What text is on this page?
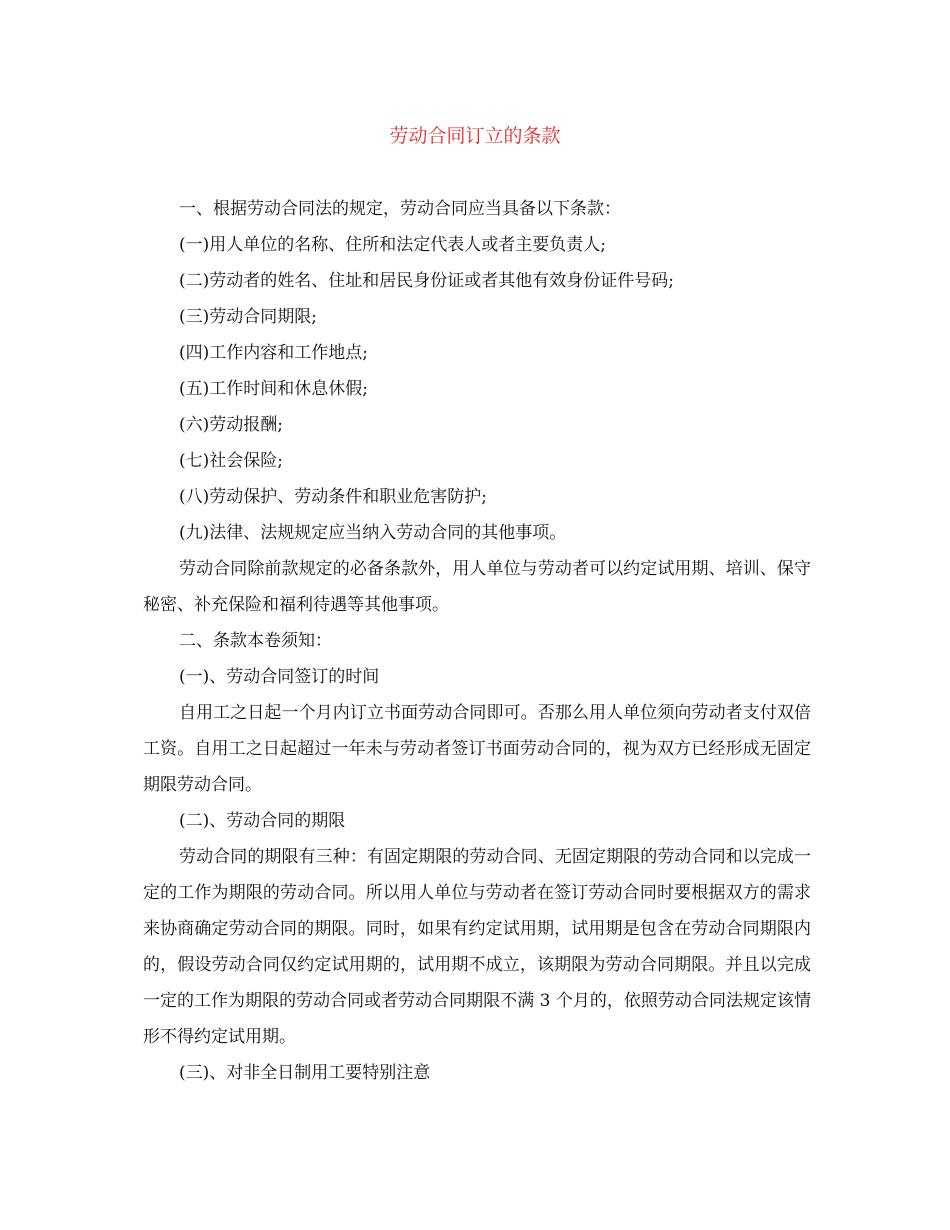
劳动合同订立的条款

一、根据劳动合同法的规定，劳动合同应当具备以下条款：

(一)用人单位的名称、住所和法定代表人或者主要负责人;

(二)劳动者的姓名、住址和居民身份证或者其他有效身份证件号码;

(三)劳动合同期限;

(四)工作内容和工作地点;

(五)工作时间和休息休假;

(六)劳动报酬;

(七)社会保险;

(八)劳动保护、劳动条件和职业危害防护;

(九)法律、法规规定应当纳入劳动合同的其他事项。

劳动合同除前款规定的必备条款外，用人单位与劳动者可以约定试用期、培训、保守秘密、补充保险和福利待遇等其他事项。

二、条款本卷须知：

(一)、劳动合同签订的时间

自用工之日起一个月内订立书面劳动合同即可。否那么用人单位须向劳动者支付双倍工资。自用工之日起超过一年未与劳动者签订书面劳动合同的，视为双方已经形成无固定期限劳动合同。

(二)、劳动合同的期限

劳动合同的期限有三种：有固定期限的劳动合同、无固定期限的劳动合同和以完成一定的工作为期限的劳动合同。所以用人单位与劳动者在签订劳动合同时要根据双方的需求来协商确定劳动合同的期限。同时，如果有约定试用期，试用期是包含在劳动合同期限内的，假设劳动合同仅约定试用期的，试用期不成立，该期限为劳动合同期限。并且以完成一定的工作为期限的劳动合同或者劳动合同期限不满 3 个月的，依照劳动合同法规定该情形不得约定试用期。

(三)、对非全日制用工要特别注意
